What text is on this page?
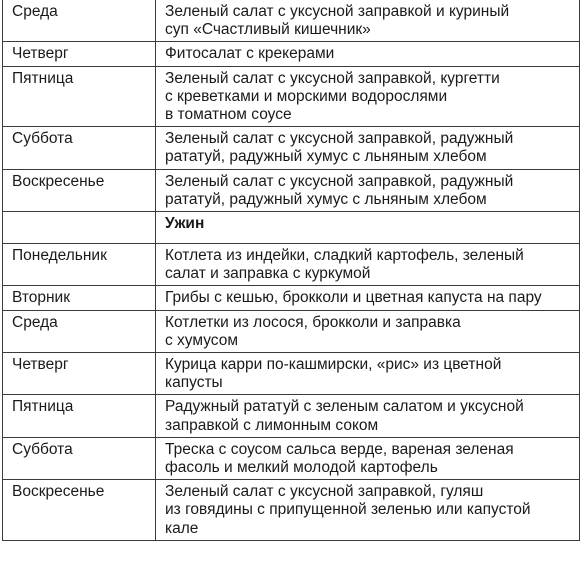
Среда	Зеленый салат с уксусной заправкой и куриный
суп «Счастливый кишечник»

Четверг	Фитосалат с крекерами

Пятница	Зеленый салат с уксусной заправкой, кургетти
с креветками и морскими водорослями
в томатном соусе

Суббота	Зеленый салат с уксусной заправкой, радужный
рататуй, радужный хумус с льняным хлебом

Воскресенье	Зеленый салат с уксусной заправкой, радужный
рататуй, радужный хумус с льняным хлебом

	Ужин
Понедельник	Котлета из индейки, сладкий картофель, зеленый
салат и заправка с куркумой

Вторник	Грибы с кешью, брокколи и цветная капуста на пару

Среда	Котлетки из лосося, брокколи и заправка
с хумусом

Четверг	Курица карри по-кашмирски, «рис» из цветной
капусты

Пятница	Радужный рататуй с зеленым салатом и уксусной
заправкой с лимонным соком

Суббота	Треска с соусом сальса верде, вареная зеленая
фасоль и мелкий молодой картофель

Воскресенье	Зеленый салат с уксусной заправкой, гуляш
из говядины с припущенной зеленью или капустой
кале
